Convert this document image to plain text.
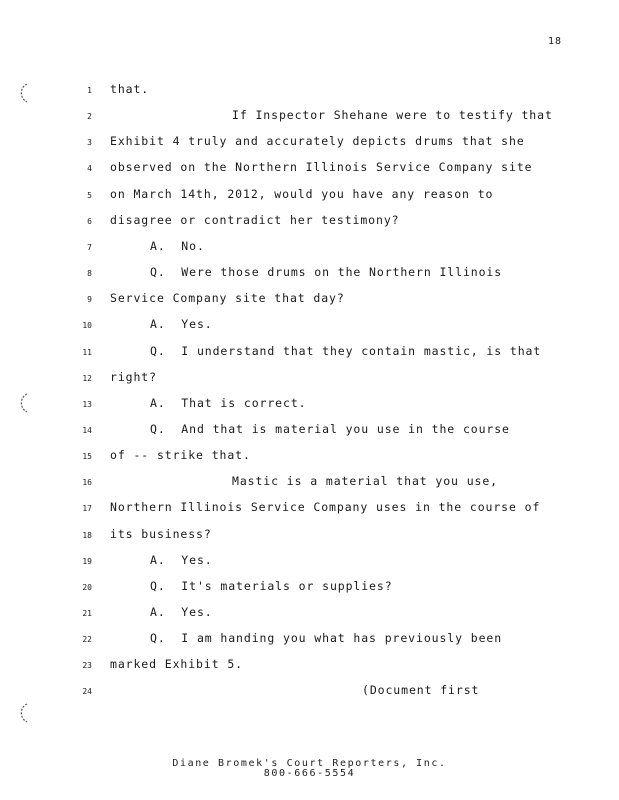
18
1 that.
2	If Inspector Shehane were to testify that
3 Exhibit 4 truly and accurately depicts drums that she
4 observed on the Northern Illinois Service Company site
5 on March 14th, 2012, would you have any reason to
6 disagree or contradict her testimony?
7	A.  No.
8	Q.  Were those drums on the Northern Illinois
9 Service Company site that day?
10	A.  Yes.
11	Q.  I understand that they contain mastic, is that
12 right?
13	A.  That is correct.
14	Q.  And that is material you use in the course
15 of -- strike that.
16	Mastic is a material that you use,
17 Northern Illinois Service Company uses in the course of
18 its business?
19	A.  Yes.
20	Q.  It's materials or supplies?
21	A.  Yes.
22	Q.  I am handing you what has previously been
23 marked Exhibit 5.
24	(Document first
Diane Bromek's Court Reporters, Inc.
800-666-5554
